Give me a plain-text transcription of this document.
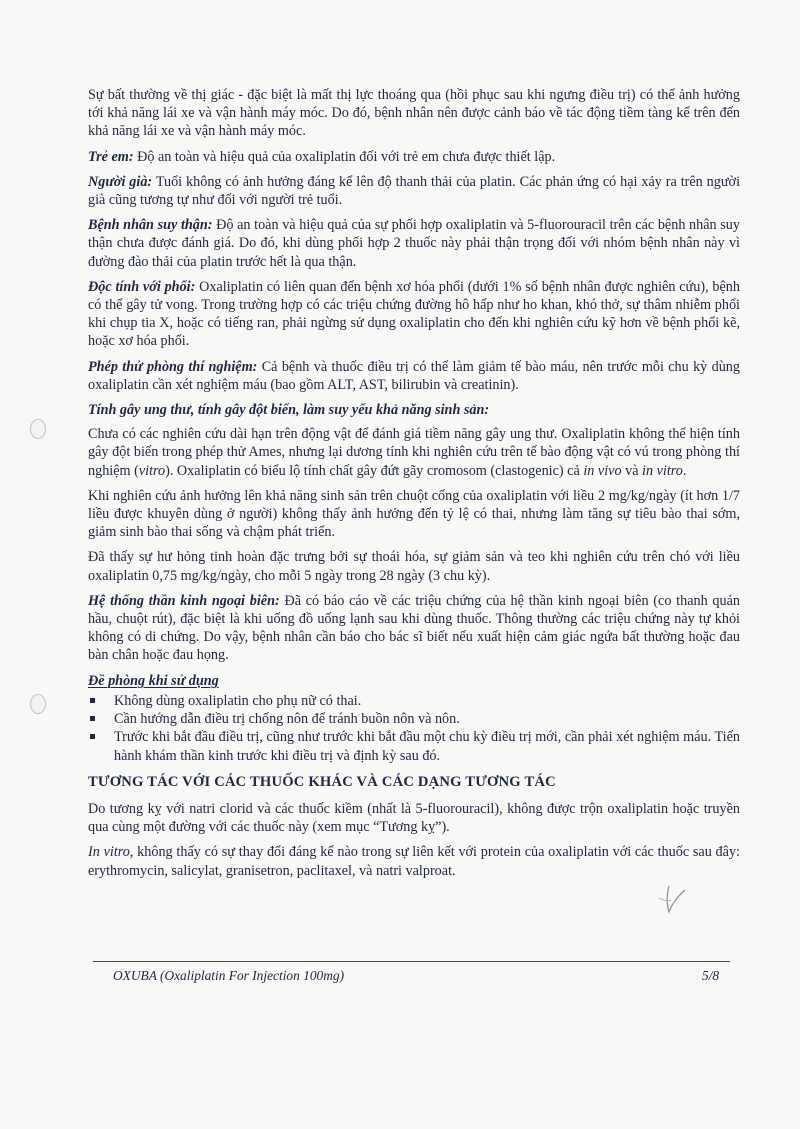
Sự bất thường về thị giác - đặc biệt là mất thị lực thoáng qua (hồi phục sau khi ngưng điều trị) có thể ảnh hưởng tới khả năng lái xe và vận hành máy móc. Do đó, bệnh nhân nên được cảnh báo về tác động tiềm tàng kể trên đến khả năng lái xe và vận hành máy móc.

Trẻ em: Độ an toàn và hiệu quả của oxaliplatin đối với trẻ em chưa được thiết lập.

Người già: Tuổi không có ảnh hưởng đáng kể lên độ thanh thải của platin. Các phản ứng có hại xảy ra trên người già cũng tương tự như đối với người trẻ tuổi.

Bệnh nhân suy thận: Độ an toàn và hiệu quả của sự phối hợp oxaliplatin và 5-fluorouracil trên các bệnh nhân suy thận chưa được đánh giá. Do đó, khi dùng phối hợp 2 thuốc này phải thận trọng đối với nhóm bệnh nhân này vì đường đào thải của platin trước hết là qua thận.

Độc tính với phổi: Oxaliplatin có liên quan đến bệnh xơ hóa phổi (dưới 1% số bệnh nhân được nghiên cứu), bệnh có thể gây tử vong. Trong trường hợp có các triệu chứng đường hô hấp như ho khan, khó thở, sự thâm nhiễm phổi khi chụp tia X, hoặc có tiếng ran, phải ngừng sử dụng oxaliplatin cho đến khi nghiên cứu kỹ hơn về bệnh phổi kẽ, hoặc xơ hóa phổi.

Phép thử phòng thí nghiệm: Cả bệnh và thuốc điều trị có thể làm giảm tế bào máu, nên trước mỗi chu kỳ dùng oxaliplatin cần xét nghiệm máu (bao gồm ALT, AST, bilirubin và creatinin).

Tính gây ung thư, tính gây đột biến, làm suy yếu khả năng sinh sản:

Chưa có các nghiên cứu dài hạn trên động vật để đánh giá tiềm năng gây ung thư. Oxaliplatin không thể hiện tính gây đột biến trong phép thử Ames, nhưng lại dương tính khi nghiên cứu trên tế bào động vật có vú trong phòng thí nghiệm (vitro). Oxaliplatin có biểu lộ tính chất gây đứt gãy cromosom (clastogenic) cả in vivo và in vitro.

Khi nghiên cứu ảnh hưởng lên khả năng sinh sản trên chuột cống của oxaliplatin với liều 2 mg/kg/ngày (ít hơn 1/7 liều được khuyên dùng ở người) không thấy ảnh hưởng đến tỷ lệ có thai, nhưng làm tăng sự tiêu bào thai sớm, giảm sinh bào thai sống và chậm phát triển.

Đã thấy sự hư hỏng tinh hoàn đặc trưng bởi sự thoái hóa, sự giảm sản và teo khi nghiên cứu trên chó với liều oxaliplatin 0,75 mg/kg/ngày, cho mỗi 5 ngày trong 28 ngày (3 chu kỳ).

Hệ thống thần kinh ngoại biên: Đã có báo cáo về các triệu chứng của hệ thần kinh ngoại biên (co thanh quản hầu, chuột rút), đặc biệt là khi uống đồ uống lạnh sau khi dùng thuốc. Thông thường các triệu chứng này tự khỏi không có di chứng. Do vậy, bệnh nhân cần báo cho bác sĩ biết nếu xuất hiện cảm giác ngứa bất thường hoặc đau bàn chân hoặc đau họng.

Đề phòng khi sử dụng

Không dùng oxaliplatin cho phụ nữ có thai.
Cần hướng dẫn điều trị chống nôn để tránh buồn nôn và nôn.
Trước khi bắt đầu điều trị, cũng như trước khi bắt đầu một chu kỳ điều trị mới, cần phải xét nghiệm máu. Tiến hành khám thần kinh trước khi điều trị và định kỳ sau đó.
TƯƠNG TÁC VỚI CÁC THUỐC KHÁC VÀ CÁC DẠNG TƯƠNG TÁC

Do tương kỵ với natri clorid và các thuốc kiềm (nhất là 5-fluorouracil), không được trộn oxaliplatin hoặc truyền qua cùng một đường với các thuốc này (xem mục “Tương kỵ”).

In vitro, không thấy có sự thay đổi đáng kể nào trong sự liên kết với protein của oxaliplatin với các thuốc sau đây: erythromycin, salicylat, granisetron, paclitaxel, và natri valproat.

OXUBA (Oxaliplatin For Injection 100mg)	5/8
